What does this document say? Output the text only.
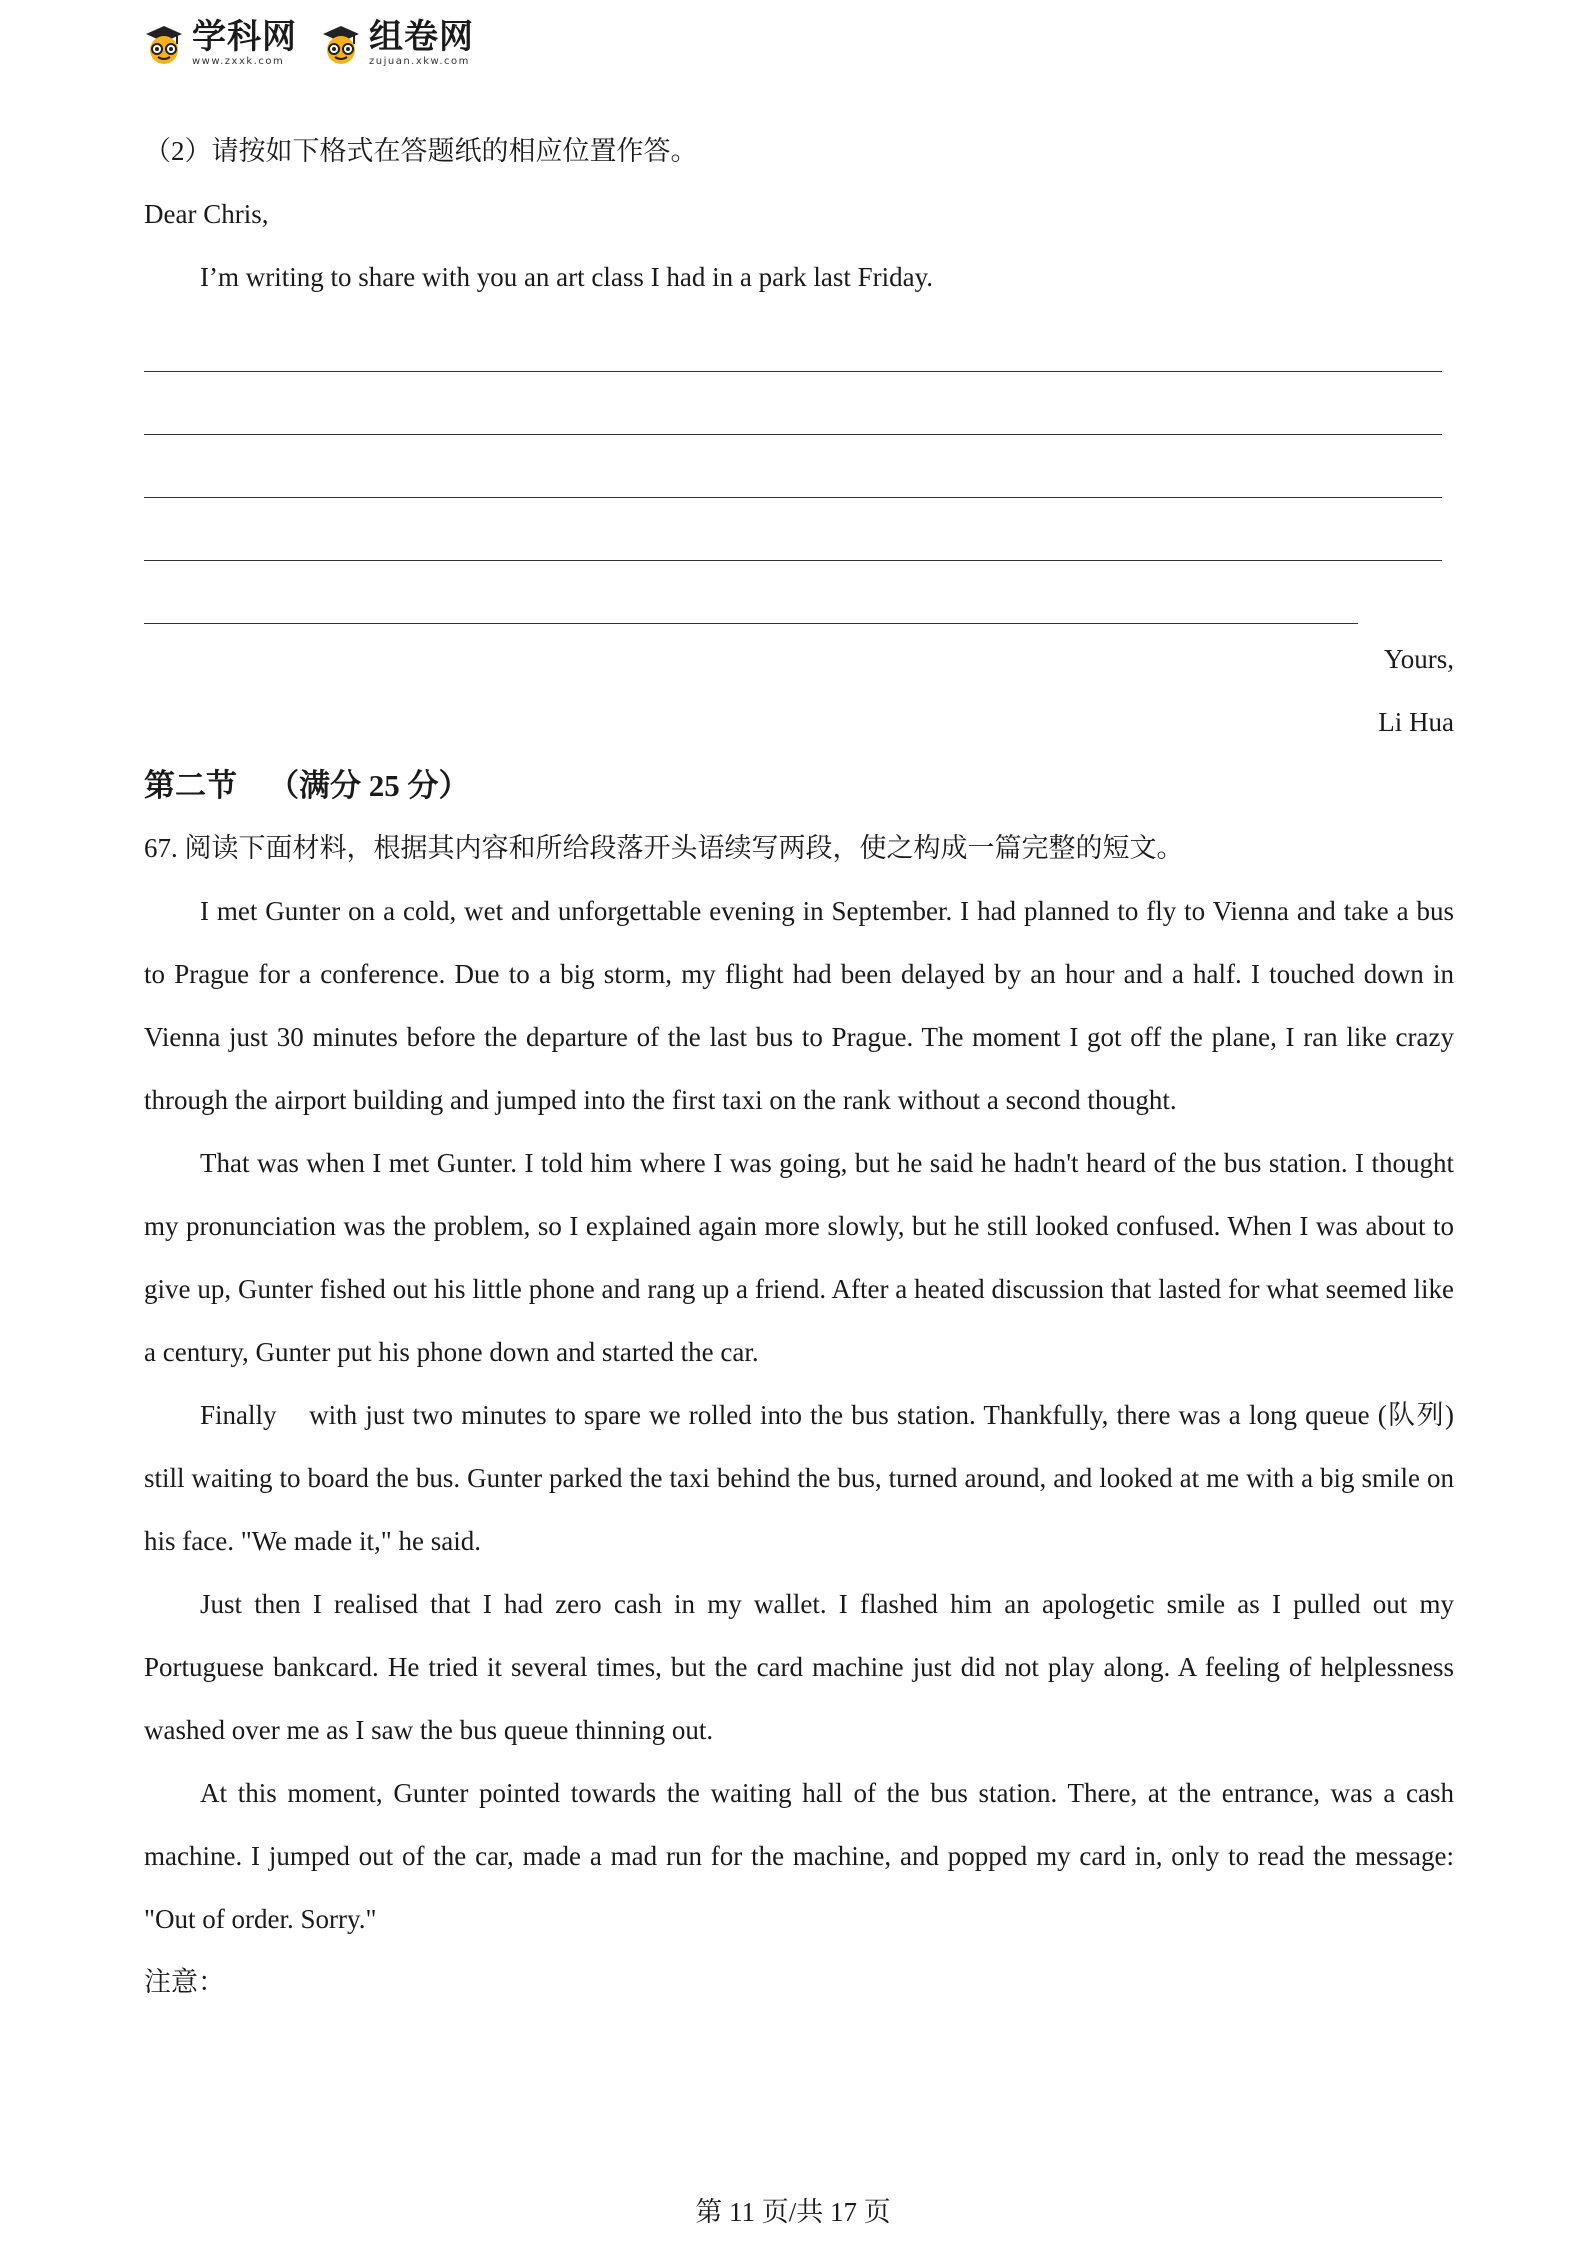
学科网
www.zxxk.com
组卷网
zujuan.xkw.com

（2）请按如下格式在答题纸的相应位置作答。

Dear Chris,

I’m writing to share with you an art class I had in a park last Friday.

Yours,

Li Hua

第二节    （满分 25 分）

67. 阅读下面材料，根据其内容和所给段落开头语续写两段，使之构成一篇完整的短文。

I met Gunter on a cold, wet and unforgettable evening in September. I had planned to fly to Vienna and take a bus to Prague for a conference. Due to a big storm, my flight had been delayed by an hour and a half. I touched down in Vienna just 30 minutes before the departure of the last bus to Prague. The moment I got off the plane, I ran like crazy through the airport building and jumped into the first taxi on the rank without a second thought.

That was when I met Gunter. I told him where I was going, but he said he hadn't heard of the bus station. I thought my pronunciation was the problem, so I explained again more slowly, but he still looked confused. When I was about to give up, Gunter fished out his little phone and rang up a friend. After a heated discussion that lasted for what seemed like a century, Gunter put his phone down and started the car.

Finally    with just two minutes to spare we rolled into the bus station. Thankfully, there was a long queue (队列) still waiting to board the bus. Gunter parked the taxi behind the bus, turned around, and looked at me with a big smile on his face. "We made it," he said.

Just then I realised that I had zero cash in my wallet. I flashed him an apologetic smile as I pulled out my Portuguese bankcard. He tried it several times, but the card machine just did not play along. A feeling of helplessness washed over me as I saw the bus queue thinning out.

At this moment, Gunter pointed towards the waiting hall of the bus station. There, at the entrance, was a cash machine. I jumped out of the car, made a mad run for the machine, and popped my card in, only to read the message: "Out of order. Sorry."

注意：

第 11 页/共 17 页
